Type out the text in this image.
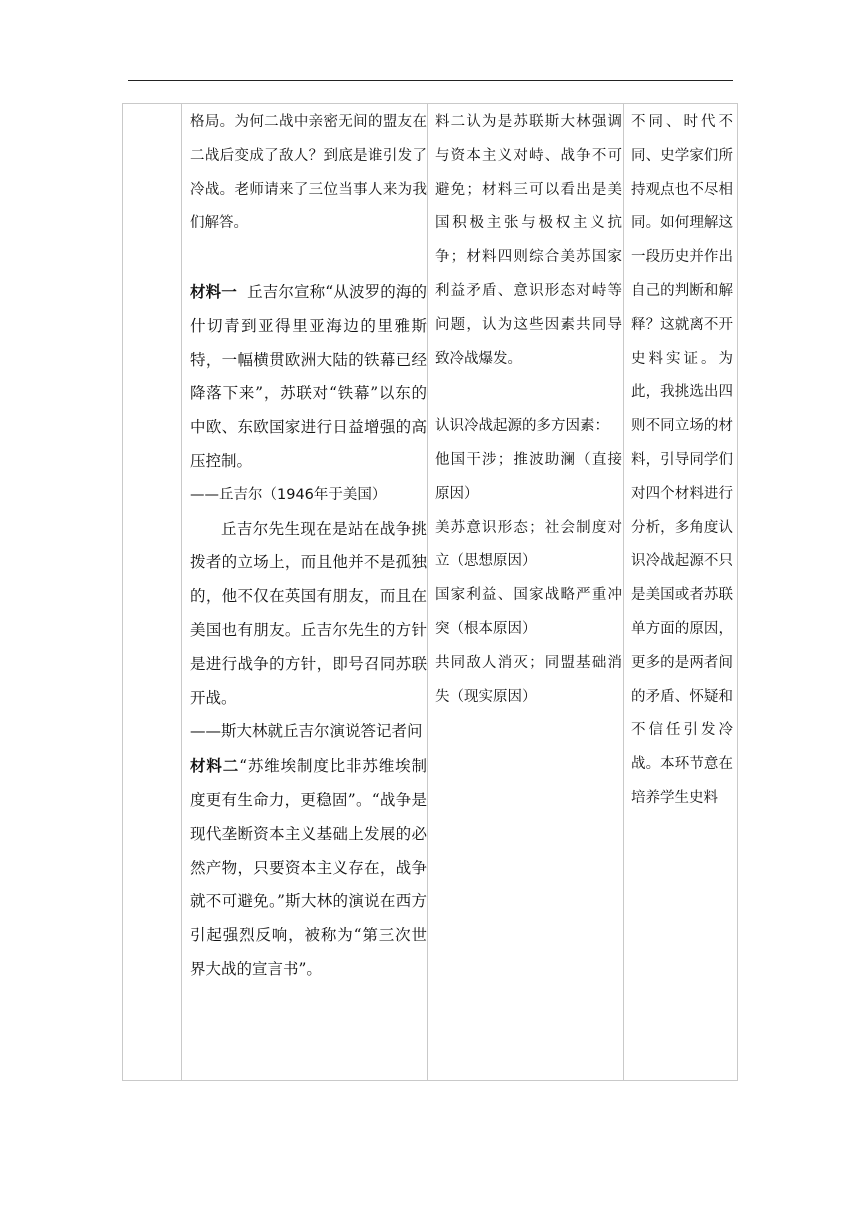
格局。为何二战中亲密无间的盟友在二战后变成了敌人？到底是谁引发了冷战。老师请来了三位当事人来为我们解答。

材料一 丘吉尔宣称“从波罗的海的什切青到亚得里亚海边的里雅斯特，一幅横贯欧洲大陆的铁幕已经降落下来”，苏联对“铁幕”以东的中欧、东欧国家进行日益增强的高压控制。

——丘吉尔（1946年于美国）

丘吉尔先生现在是站在战争挑拨者的立场上，而且他并不是孤独的，他不仅在英国有朋友，而且在美国也有朋友。丘吉尔先生的方针是进行战争的方针，即号召同苏联开战。

——斯大林就丘吉尔演说答记者问

材料二“苏维埃制度比非苏维埃制度更有生命力，更稳固”。“战争是现代垄断资本主义基础上发展的必然产物，只要资本主义存在，战争就不可避免。”斯大林的演说在西方引起强烈反响，被称为“第三次世界大战的宣言书”。

料二认为是苏联斯大林强调与资本主义对峙、战争不可避免；材料三可以看出是美国积极主张与极权主义抗争；材料四则综合美苏国家利益矛盾、意识形态对峙等问题，认为这些因素共同导致冷战爆发。

认识冷战起源的多方因素：

他国干涉；推波助澜（直接原因）

美苏意识形态；社会制度对立（思想原因）

国家利益、国家战略严重冲突（根本原因）

共同敌人消灭；同盟基础消失（现实原因）

不同、时代不同、史学家们所持观点也不尽相同。如何理解这一段历史并作出自己的判断和解释？这就离不开史料实证。为此，我挑选出四则不同立场的材料，引导同学们对四个材料进行分析，多角度认识冷战起源不只是美国或者苏联单方面的原因，更多的是两者间的矛盾、怀疑和不信任引发冷战。本环节意在培养学生史料
